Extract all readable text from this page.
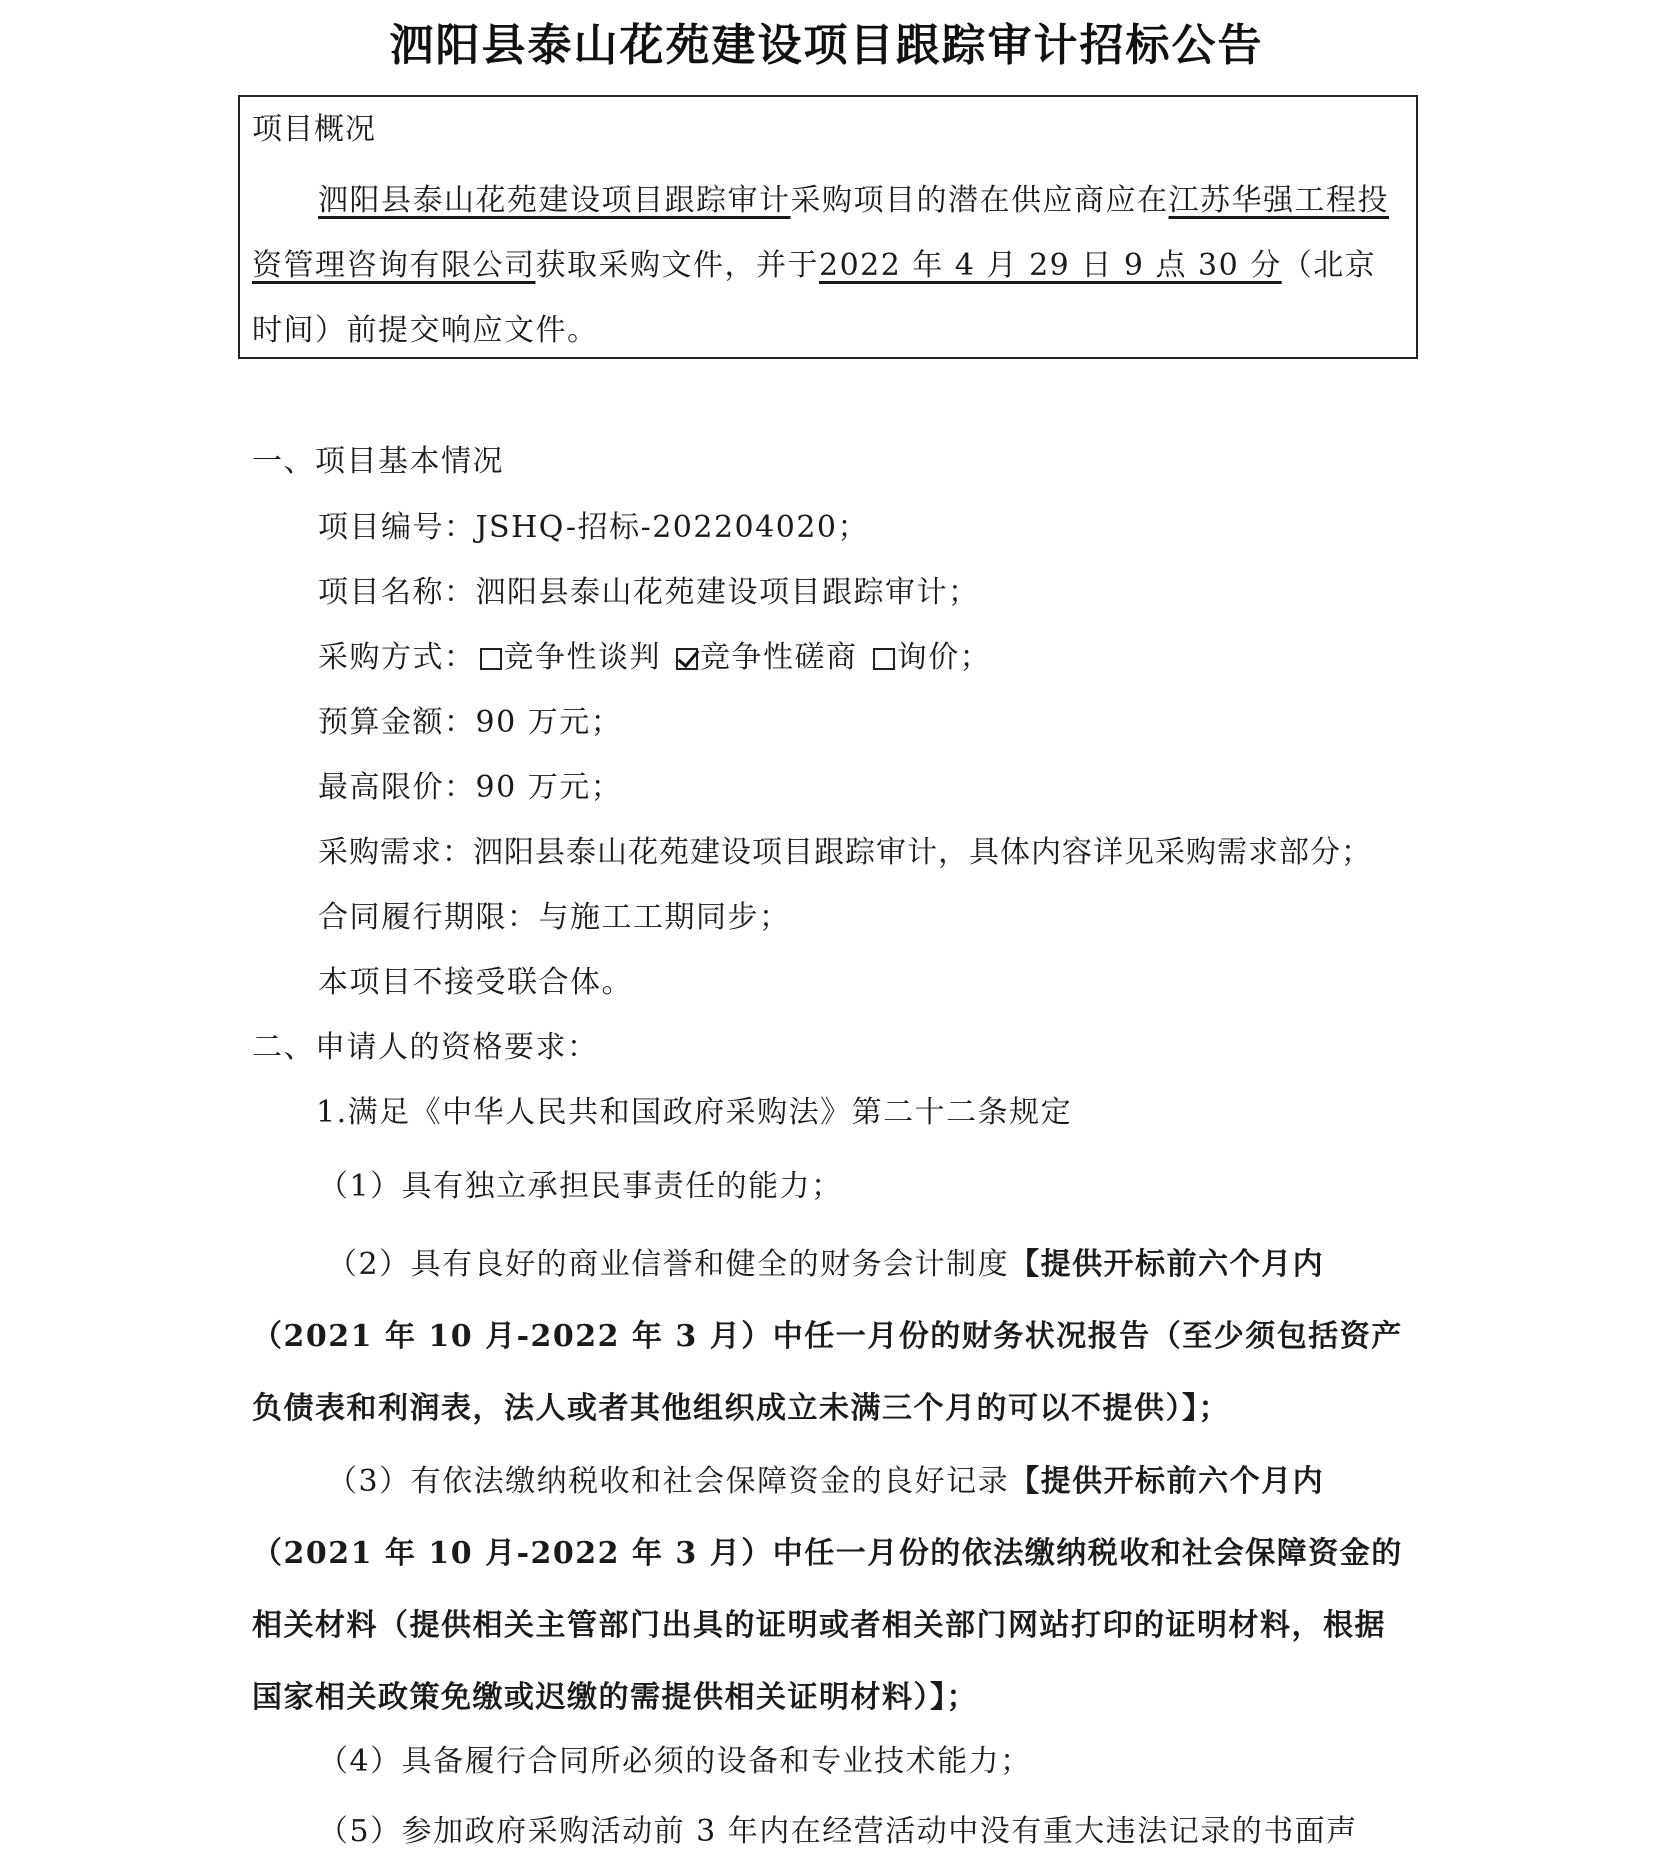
泗阳县泰山花苑建设项目跟踪审计招标公告
项目概况
泗阳县泰山花苑建设项目跟踪审计采购项目的潜在供应商应在江苏华强工程投资管理咨询有限公司获取采购文件，并于2022 年 4 月 29 日 9 点 30 分（北京时间）前提交响应文件。
一、项目基本情况
项目编号：JSHQ-招标-202204020；
项目名称：泗阳县泰山花苑建设项目跟踪审计；
采购方式： 竞争性谈判 竞争性磋商 询价；
预算金额：90 万元；
最高限价：90 万元；
采购需求：泗阳县泰山花苑建设项目跟踪审计，具体内容详见采购需求部分；
合同履行期限：与施工工期同步；
本项目不接受联合体。
二、申请人的资格要求：
1.满足《中华人民共和国政府采购法》第二十二条规定
（1）具有独立承担民事责任的能力；
（2）具有良好的商业信誉和健全的财务会计制度【提供开标前六个月内（2021 年 10 月-2022 年 3 月）中任一月份的财务状况报告（至少须包括资产负债表和利润表，法人或者其他组织成立未满三个月的可以不提供）】；
（3）有依法缴纳税收和社会保障资金的良好记录【提供开标前六个月内（2021 年 10 月-2022 年 3 月）中任一月份的依法缴纳税收和社会保障资金的相关材料（提供相关主管部门出具的证明或者相关部门网站打印的证明材料，根据国家相关政策免缴或迟缴的需提供相关证明材料）】；
（4）具备履行合同所必须的设备和专业技术能力；
（5）参加政府采购活动前 3 年内在经营活动中没有重大违法记录的书面声
